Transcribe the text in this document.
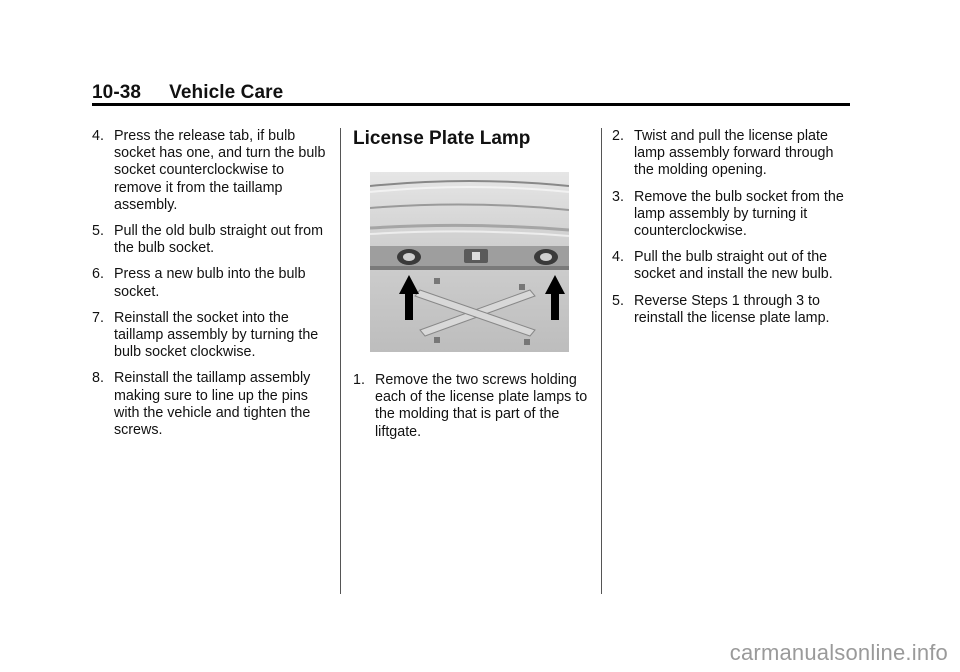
10-38 Vehicle Care
4. Press the release tab, if bulb socket has one, and turn the bulb socket counterclockwise to remove it from the taillamp assembly.
5. Pull the old bulb straight out from the bulb socket.
6. Press a new bulb into the bulb socket.
7. Reinstall the socket into the taillamp assembly by turning the bulb socket clockwise.
8. Reinstall the taillamp assembly making sure to line up the pins with the vehicle and tighten the screws.
License Plate Lamp
1. Remove the two screws holding each of the license plate lamps to the molding that is part of the liftgate.
2. Twist and pull the license plate lamp assembly forward through the molding opening.
3. Remove the bulb socket from the lamp assembly by turning it counterclockwise.
4. Pull the bulb straight out of the socket and install the new bulb.
5. Reverse Steps 1 through 3 to reinstall the license plate lamp.
carmanualsonline.info
